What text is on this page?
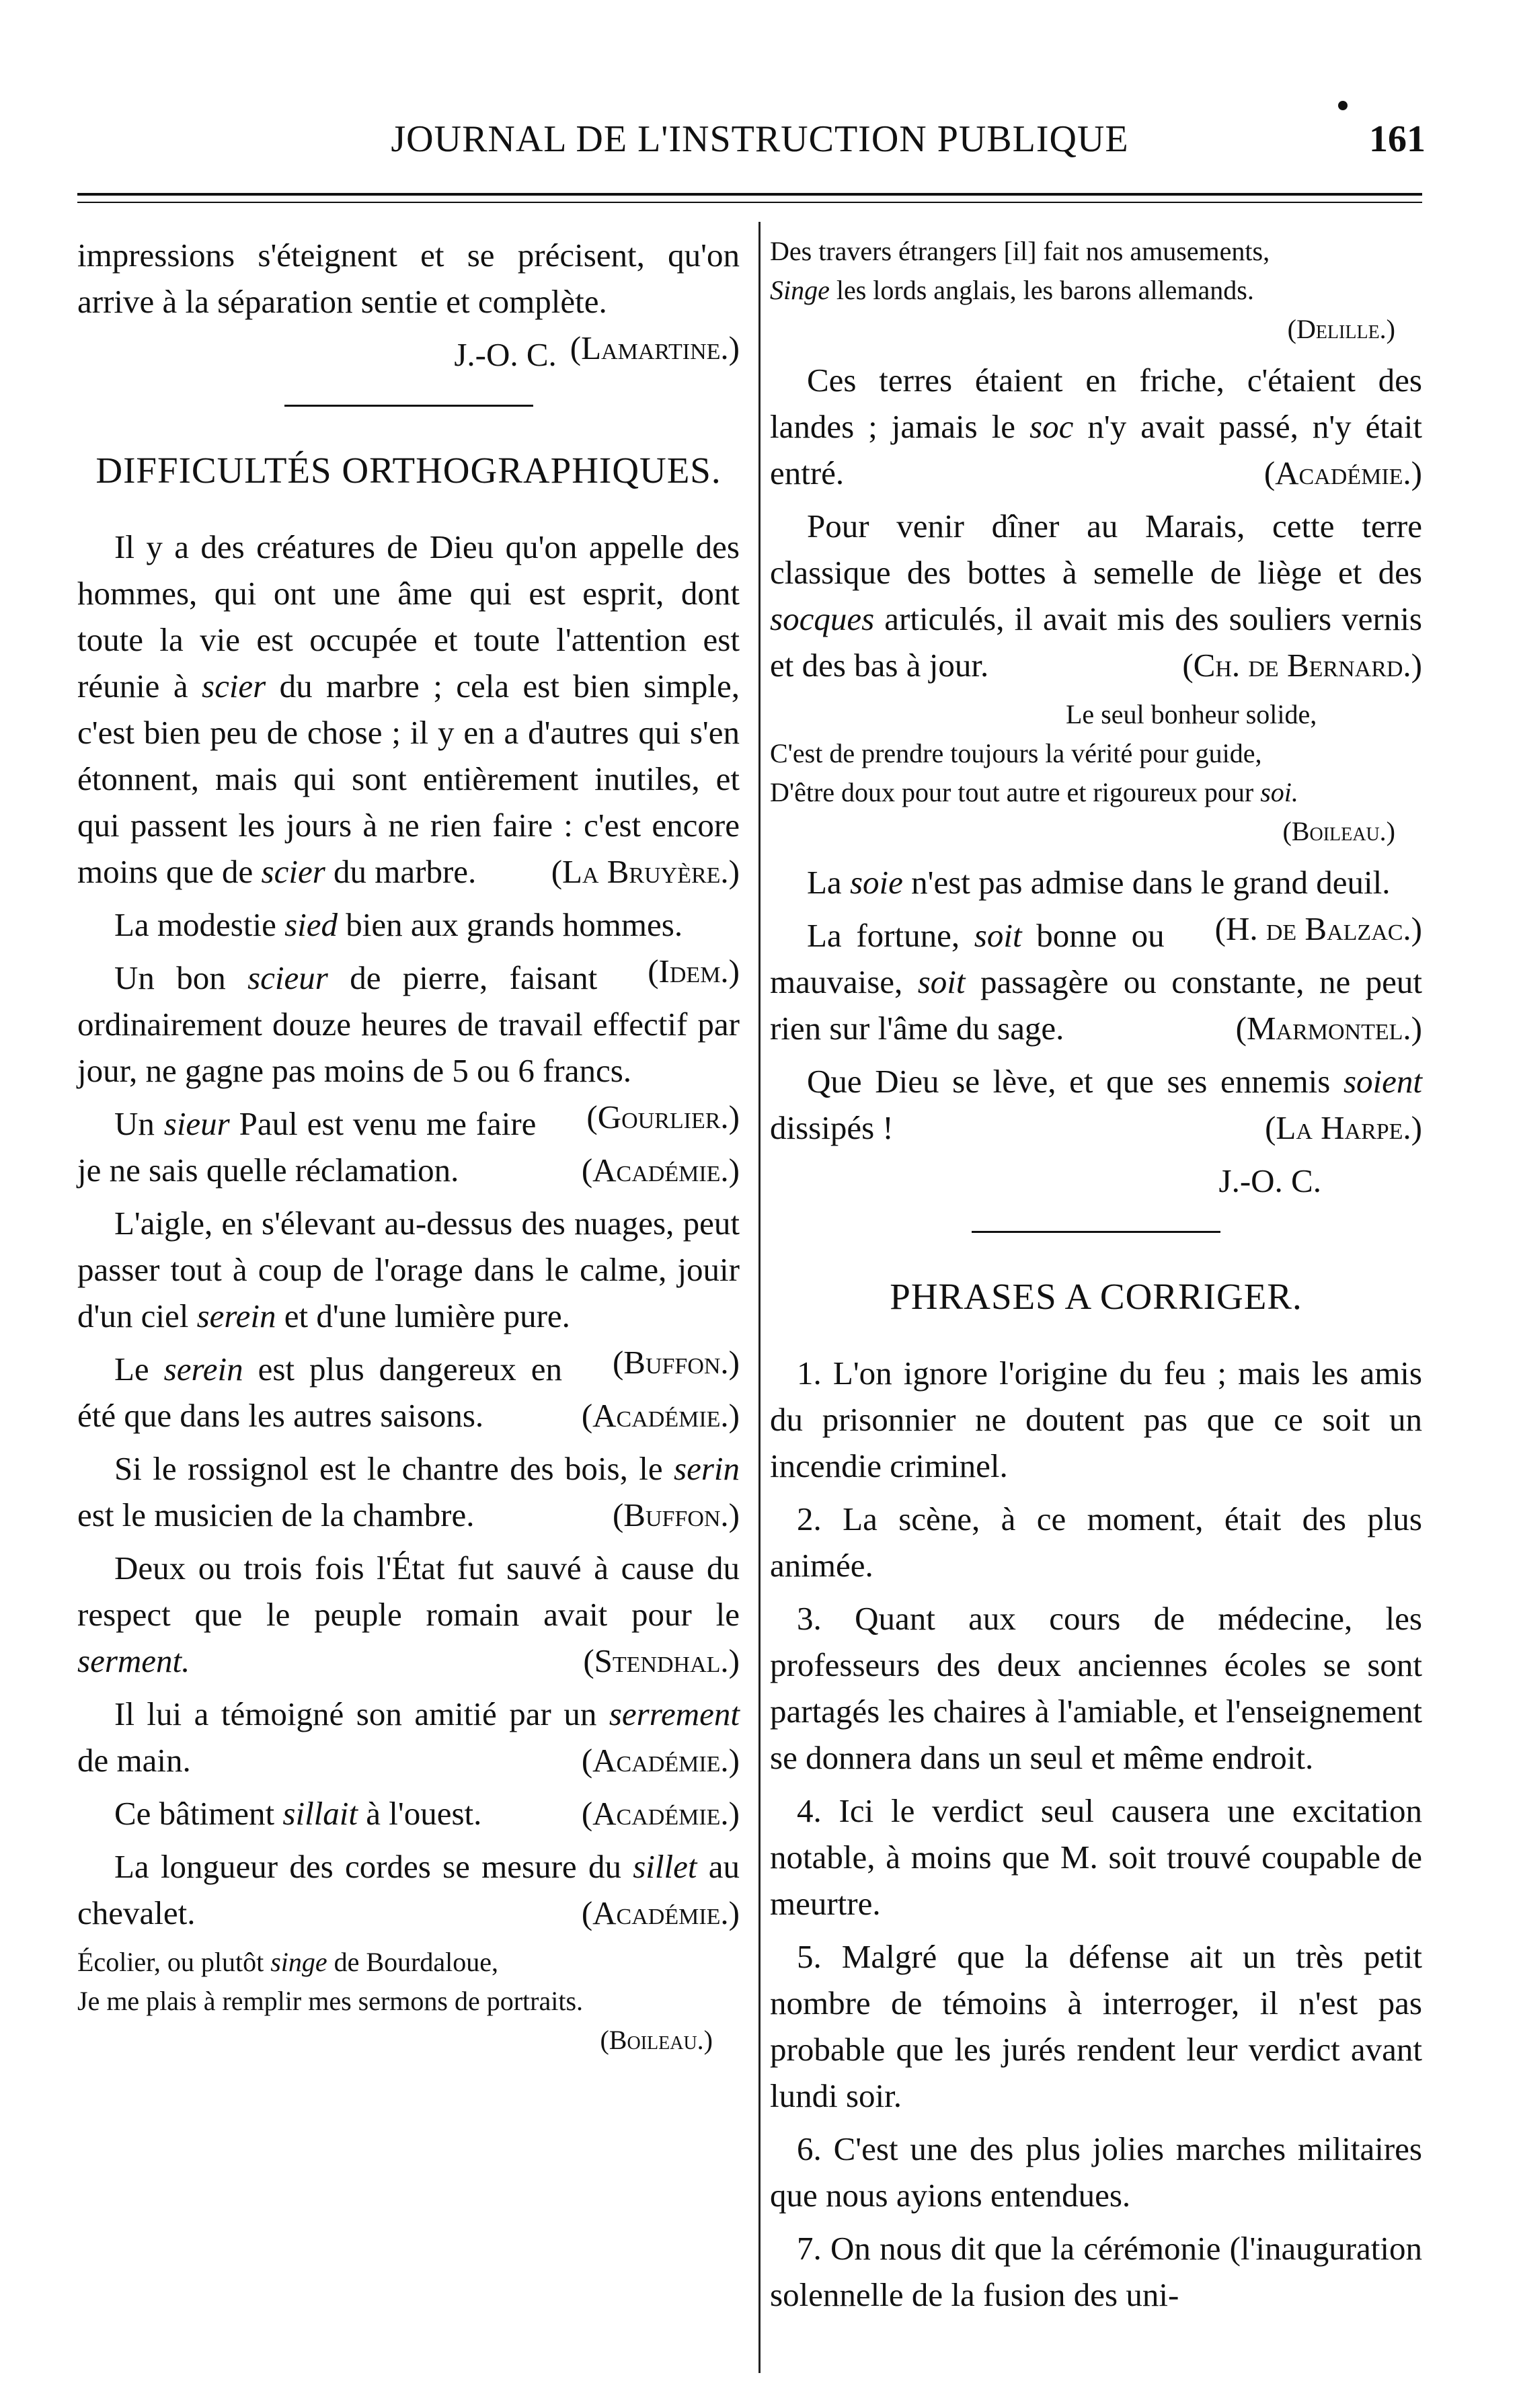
JOURNAL DE L'INSTRUCTION PUBLIQUE	161

impressions s'éteignent et se précisent, qu'on arrive à la séparation sentie et complète.
(Lamartine.)

J.-O. C.
DIFFICULTÉS ORTHOGRAPHIQUES.

Il y a des créatures de Dieu qu'on appelle des hommes, qui ont une âme qui est esprit, dont toute la vie est occupée et toute l'attention est réunie à scier du marbre ; cela est bien simple, c'est bien peu de chose ; il y en a d'autres qui s'en étonnent, mais qui sont entièrement inutiles, et qui passent les jours à ne rien faire : c'est encore moins que de scier du marbre.	(La Bruyère.)

La modestie sied bien aux grands hommes.
(Idem.)

Un bon scieur de pierre, faisant ordinairement douze heures de travail effectif par jour, ne gagne pas moins de 5 ou 6 francs.
(Gourlier.)

Un sieur Paul est venu me faire je ne sais quelle réclamation.	(Académie.)

L'aigle, en s'élevant au-dessus des nuages, peut passer tout à coup de l'orage dans le calme, jouir d'un ciel serein et d'une lumière pure.
(Buffon.)

Le serein est plus dangereux en été que dans les autres saisons.	(Académie.)

Si le rossignol est le chantre des bois, le serin est le musicien de la chambre.	(Buffon.)

Deux ou trois fois l'État fut sauvé à cause du respect que le peuple romain avait pour le serment.	(Stendhal.)

Il lui a témoigné son amitié par un serrement de main.	(Académie.)

Ce bâtiment sillait à l'ouest.	(Académie.)

La longueur des cordes se mesure du sillet au chevalet.	(Académie.)

Écolier, ou plutôt singe de Bourdaloue,
Je me plais à remplir mes sermons de portraits.
(Boileau.)
Des travers étrangers [il] fait nos amusements,
Singe les lords anglais, les barons allemands.
(Delille.)

Ces terres étaient en friche, c'étaient des landes ; jamais le soc n'y avait passé, n'y était entré.	(Académie.)

Pour venir dîner au Marais, cette terre classique des bottes à semelle de liège et des socques articulés, il avait mis des souliers vernis et des bas à jour.	(Ch. de Bernard.)

Le seul bonheur solide,
C'est de prendre toujours la vérité pour guide,
D'être doux pour tout autre et rigoureux pour soi.
(Boileau.)

La soie n'est pas admise dans le grand deuil.
(H. de Balzac.)

La fortune, soit bonne ou mauvaise, soit passagère ou constante, ne peut rien sur l'âme du sage.	(Marmontel.)

Que Dieu se lève, et que ses ennemis soient dissipés !	(La Harpe.)

J.-O. C.
PHRASES A CORRIGER.

1. L'on ignore l'origine du feu ; mais les amis du prisonnier ne doutent pas que ce soit un incendie criminel.

2. La scène, à ce moment, était des plus animée.

3. Quant aux cours de médecine, les professeurs des deux anciennes écoles se sont partagés les chaires à l'amiable, et l'enseignement se donnera dans un seul et même endroit.

4. Ici le verdict seul causera une excitation notable, à moins que M. soit trouvé coupable de meurtre.

5. Malgré que la défense ait un très petit nombre de témoins à interroger, il n'est pas probable que les jurés rendent leur verdict avant lundi soir.

6. C'est une des plus jolies marches militaires que nous ayions entendues.

7. On nous dit que la cérémonie (l'inauguration solennelle de la fusion des uni-
